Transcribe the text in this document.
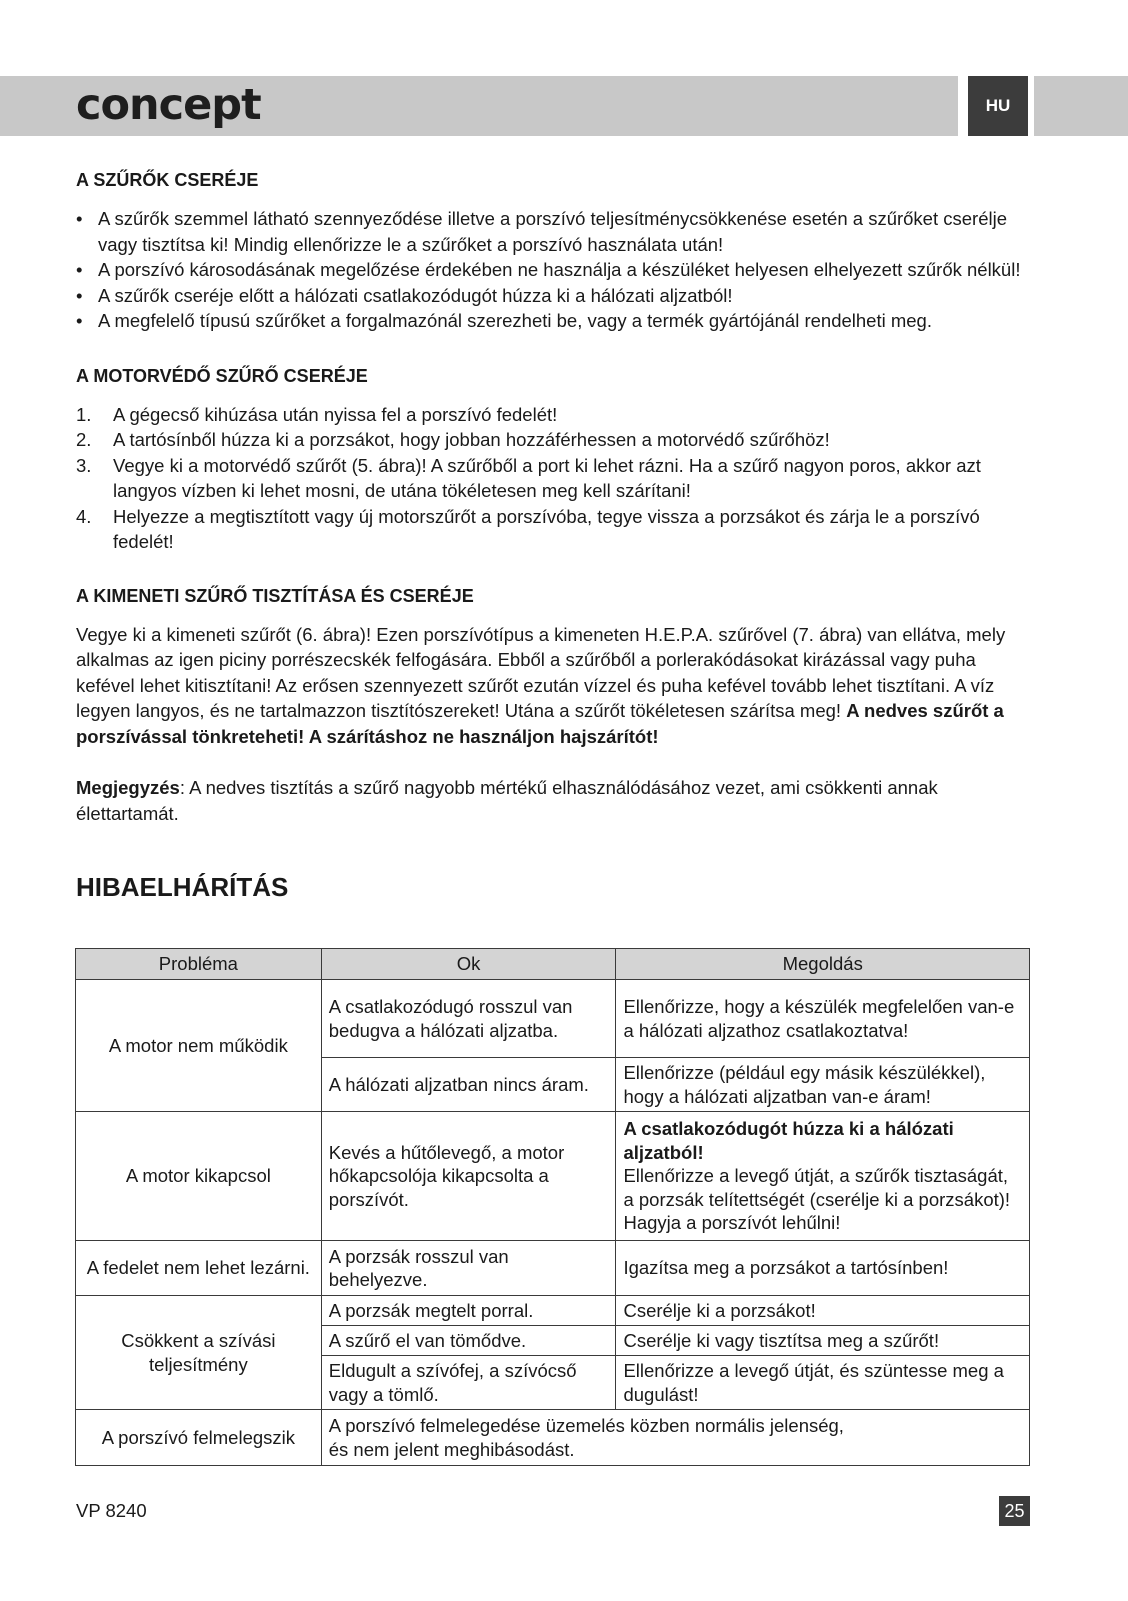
concept	HU
A SZŰRŐK CSERÉJE
• A szűrők szemmel látható szennyeződése illetve a porszívó teljesítménycsökkenése esetén a szűrőket cserélje vagy tisztítsa ki! Mindig ellenőrizze le a szűrőket a porszívó használata után!
• A porszívó károsodásának megelőzése érdekében ne használja a készüléket helyesen elhelyezett szűrők nélkül!
• A szűrők cseréje előtt a hálózati csatlakozódugót húzza ki a hálózati aljzatból!
• A megfelelő típusú szűrőket a forgalmazónál szerezheti be, vagy a termék gyártójánál rendelheti meg.
A MOTORVÉDŐ SZŰRŐ CSERÉJE
1. A gégecső kihúzása után nyissa fel a porszívó fedelét!
2. A tartósínből húzza ki a porzsákot, hogy jobban hozzáférhessen a motorvédő szűrőhöz!
3. Vegye ki a motorvédő szűrőt (5. ábra)! A szűrőből a port ki lehet rázni. Ha a szűrő nagyon poros, akkor azt langyos vízben ki lehet mosni, de utána tökéletesen meg kell szárítani!
4. Helyezze a megtisztított vagy új motorszűrőt a porszívóba, tegye vissza a porzsákot és zárja le a porszívó fedelét!
A KIMENETI SZŰRŐ TISZTÍTÁSA ÉS CSERÉJE

Vegye ki a kimeneti szűrőt (6. ábra)! Ezen porszívótípus a kimeneten H.E.P.A. szűrővel (7. ábra) van ellátva, mely alkalmas az igen piciny porrészecskék felfogására. Ebből a szűrőből a porlerakódásokat kirázással vagy puha kefével lehet kitisztítani! Az erősen szennyezett szűrőt ezután vízzel és puha kefével tovább lehet tisztítani. A víz legyen langyos, és ne tartalmazzon tisztítószereket! Utána a szűrőt tökéletesen szárítsa meg! A nedves szűrőt a porszívással tönkreteheti! A szárításhoz ne használjon hajszárítót!

Megjegyzés: A nedves tisztítás a szűrő nagyobb mértékű elhasználódásához vezet, ami csökkenti annak élettartamát.

HIBAELHÁRÍTÁS
Probléma	Ok	Megoldás
A motor nem működik	A csatlakozódugó rosszul van bedugva a hálózati aljzatba.	Ellenőrizze, hogy a készülék megfelelően van-e
a hálózati aljzathoz csatlakoztatva!

	A hálózati aljzatban nincs áram.	Ellenőrizze (például egy másik készülékkel), hogy a hálózati aljzatban van-e áram!
A motor kikapcsol	Kevés a hűtőlevegő, a motor hőkapcsolója kikapcsolta a porszívót.	A csatlakozódugót húzza ki a hálózati aljzatból!
Ellenőrizze a levegő útját, a szűrők tisztaságát, a porzsák telítettségét (cserélje ki a porzsákot)! Hagyja a porszívót lehűlni!

A fedelet nem lehet lezárni.	A porzsák rosszul van behelyezve.	Igazítsa meg a porzsákot a tartósínben!
Csökkent a szívási teljesítmény	A porzsák megtelt porral.	Cserélje ki a porzsákot!
	A szűrő el van tömődve.	Cserélje ki vagy tisztítsa meg a szűrőt!
	Eldugult a szívófej, a szívócső vagy a tömlő.	Ellenőrizze a levegő útját, és szüntesse meg a dugulást!
A porszívó felmelegszik	A porszívó felmelegedése üzemelés közben normális jelenség,
és nem jelent meghibásodást.	
VP 8240	25
